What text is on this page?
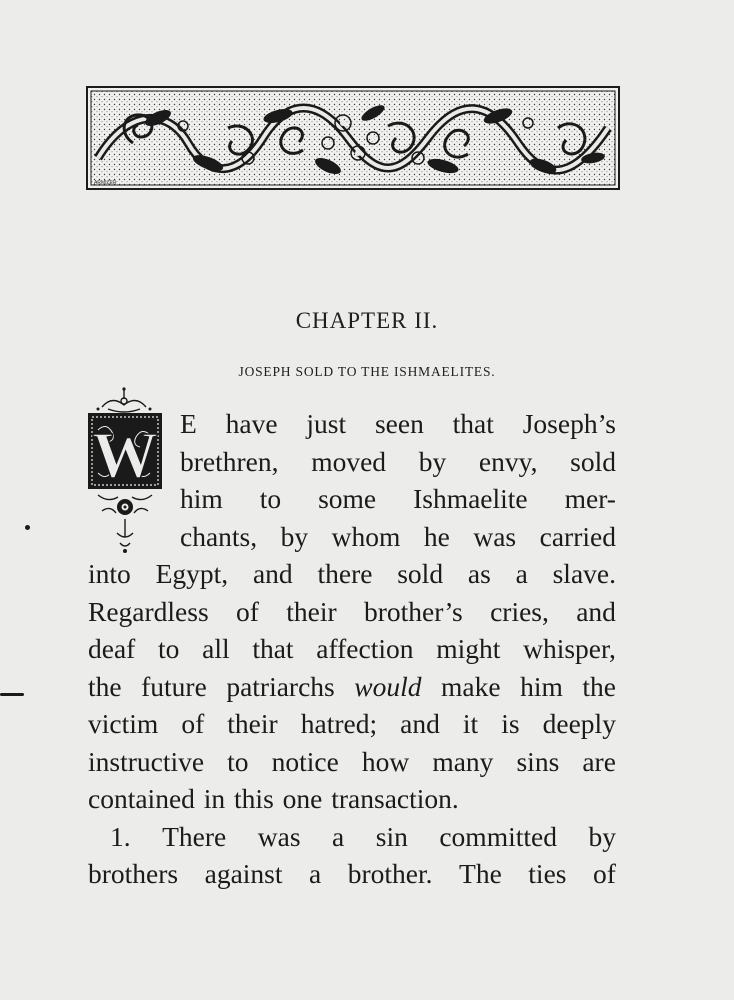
ARMIZER
CHAPTER II.
JOSEPH SOLD TO THE ISHMAELITES.
W E have just seen that Joseph’s
brethren, moved by envy, sold
him to some Ishmaelite mer-
chants, by whom he was carried
into Egypt, and there sold as a slave.
Regardless of their brother’s cries, and
deaf to all that affection might whisper,
the future patriarchs would make him the
victim of their hatred; and it is deeply
instructive to notice how many sins are
contained
in
this
one
transaction.
1. There was a sin committed by
brothers against a brother. The ties of
